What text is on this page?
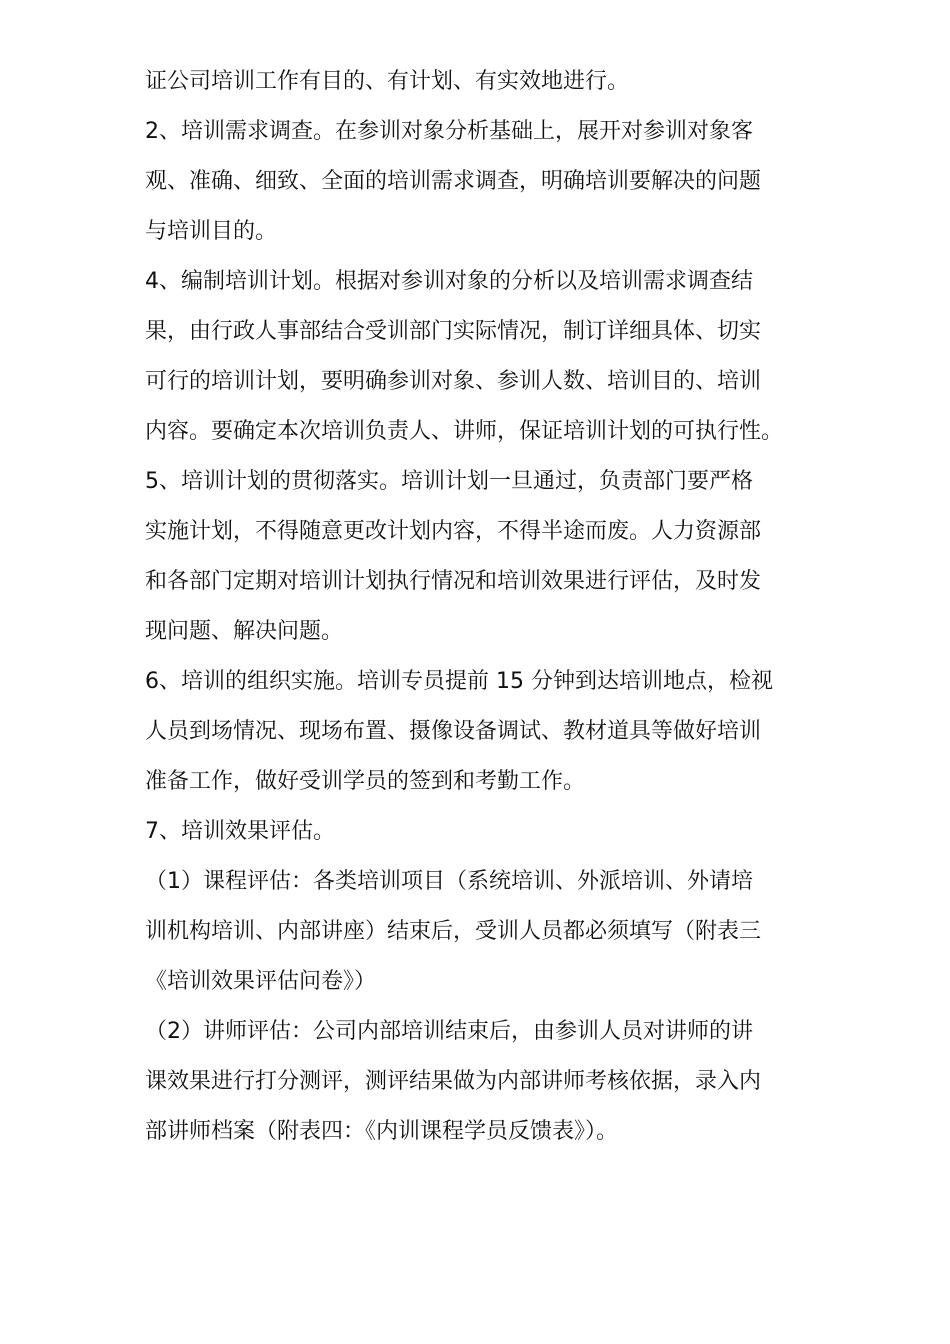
证公司培训工作有目的、有计划、有实效地进行。
2、培训需求调查。在参训对象分析基础上，展开对参训对象客
观、准确、细致、全面的培训需求调查，明确培训要解决的问题
与培训目的。
4、编制培训计划。根据对参训对象的分析以及培训需求调查结
果，由行政人事部结合受训部门实际情况，制订详细具体、切实
可行的培训计划，要明确参训对象、参训人数、培训目的、培训
内容。要确定本次培训负责人、讲师，保证培训计划的可执行性。
5、培训计划的贯彻落实。培训计划一旦通过，负责部门要严格
实施计划，不得随意更改计划内容，不得半途而废。人力资源部
和各部门定期对培训计划执行情况和培训效果进行评估，及时发
现问题、解决问题。
6、培训的组织实施。培训专员提前 15 分钟到达培训地点，检视
人员到场情况、现场布置、摄像设备调试、教材道具等做好培训
准备工作，做好受训学员的签到和考勤工作。
7、培训效果评估。
（1）课程评估：各类培训项目（系统培训、外派培训、外请培
训机构培训、内部讲座）结束后，受训人员都必须填写（附表三
《培训效果评估问卷》）
（2）讲师评估：公司内部培训结束后，由参训人员对讲师的讲
课效果进行打分测评，测评结果做为内部讲师考核依据，录入内
部讲师档案（附表四：《内训课程学员反馈表》）。
